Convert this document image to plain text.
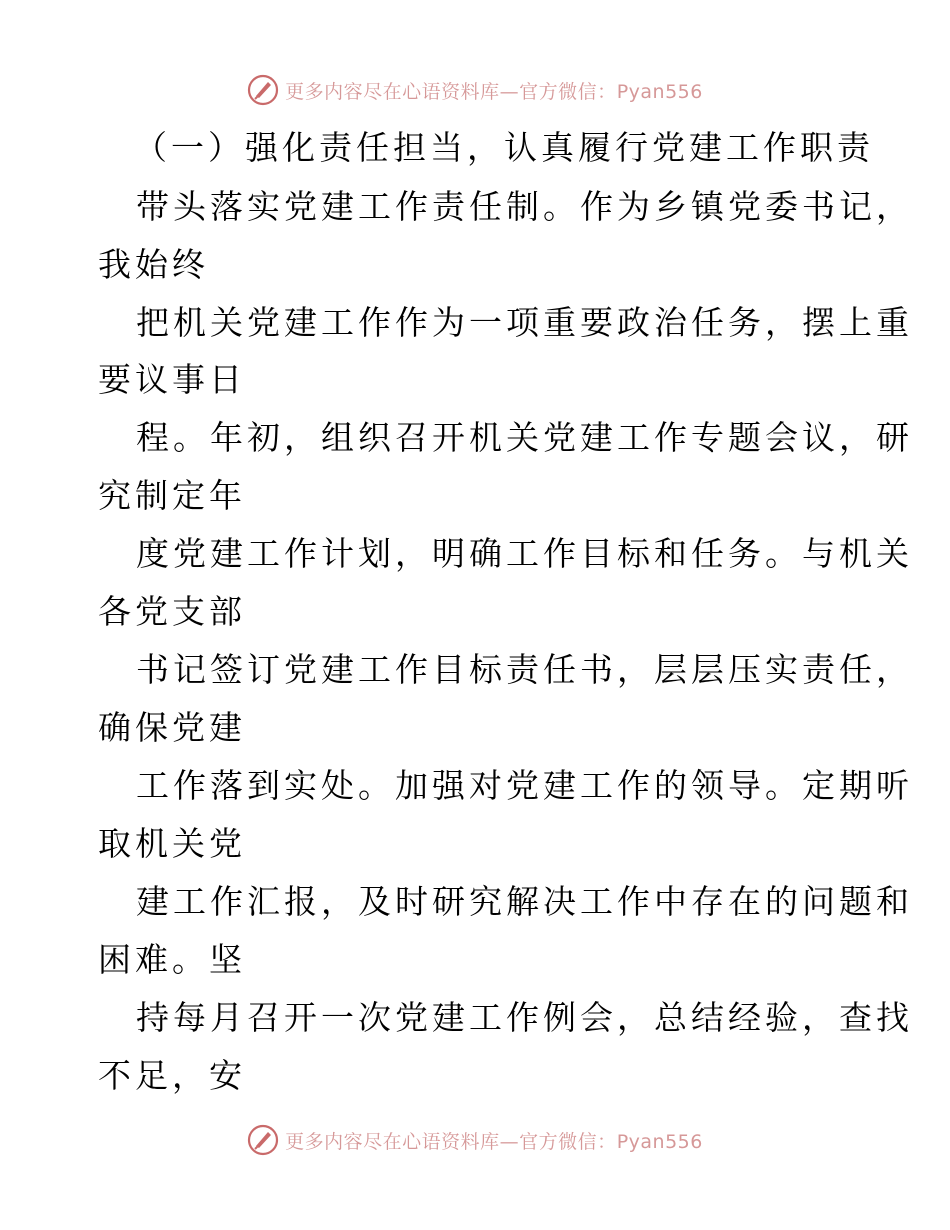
更多内容尽在心语资料库—官方微信：Pyan556
（一）强化责任担当，认真履行党建工作职责
带头落实党建工作责任制。作为乡镇党委书记，
我始终
把机关党建工作作为一项重要政治任务，摆上重
要议事日
程。年初，组织召开机关党建工作专题会议，研
究制定年
度党建工作计划，明确工作目标和任务。与机关
各党支部
书记签订党建工作目标责任书，层层压实责任，
确保党建
工作落到实处。加强对党建工作的领导。定期听
取机关党
建工作汇报，及时研究解决工作中存在的问题和
困难。坚
持每月召开一次党建工作例会，总结经验，查找
不足，安
更多内容尽在心语资料库—官方微信：Pyan556
